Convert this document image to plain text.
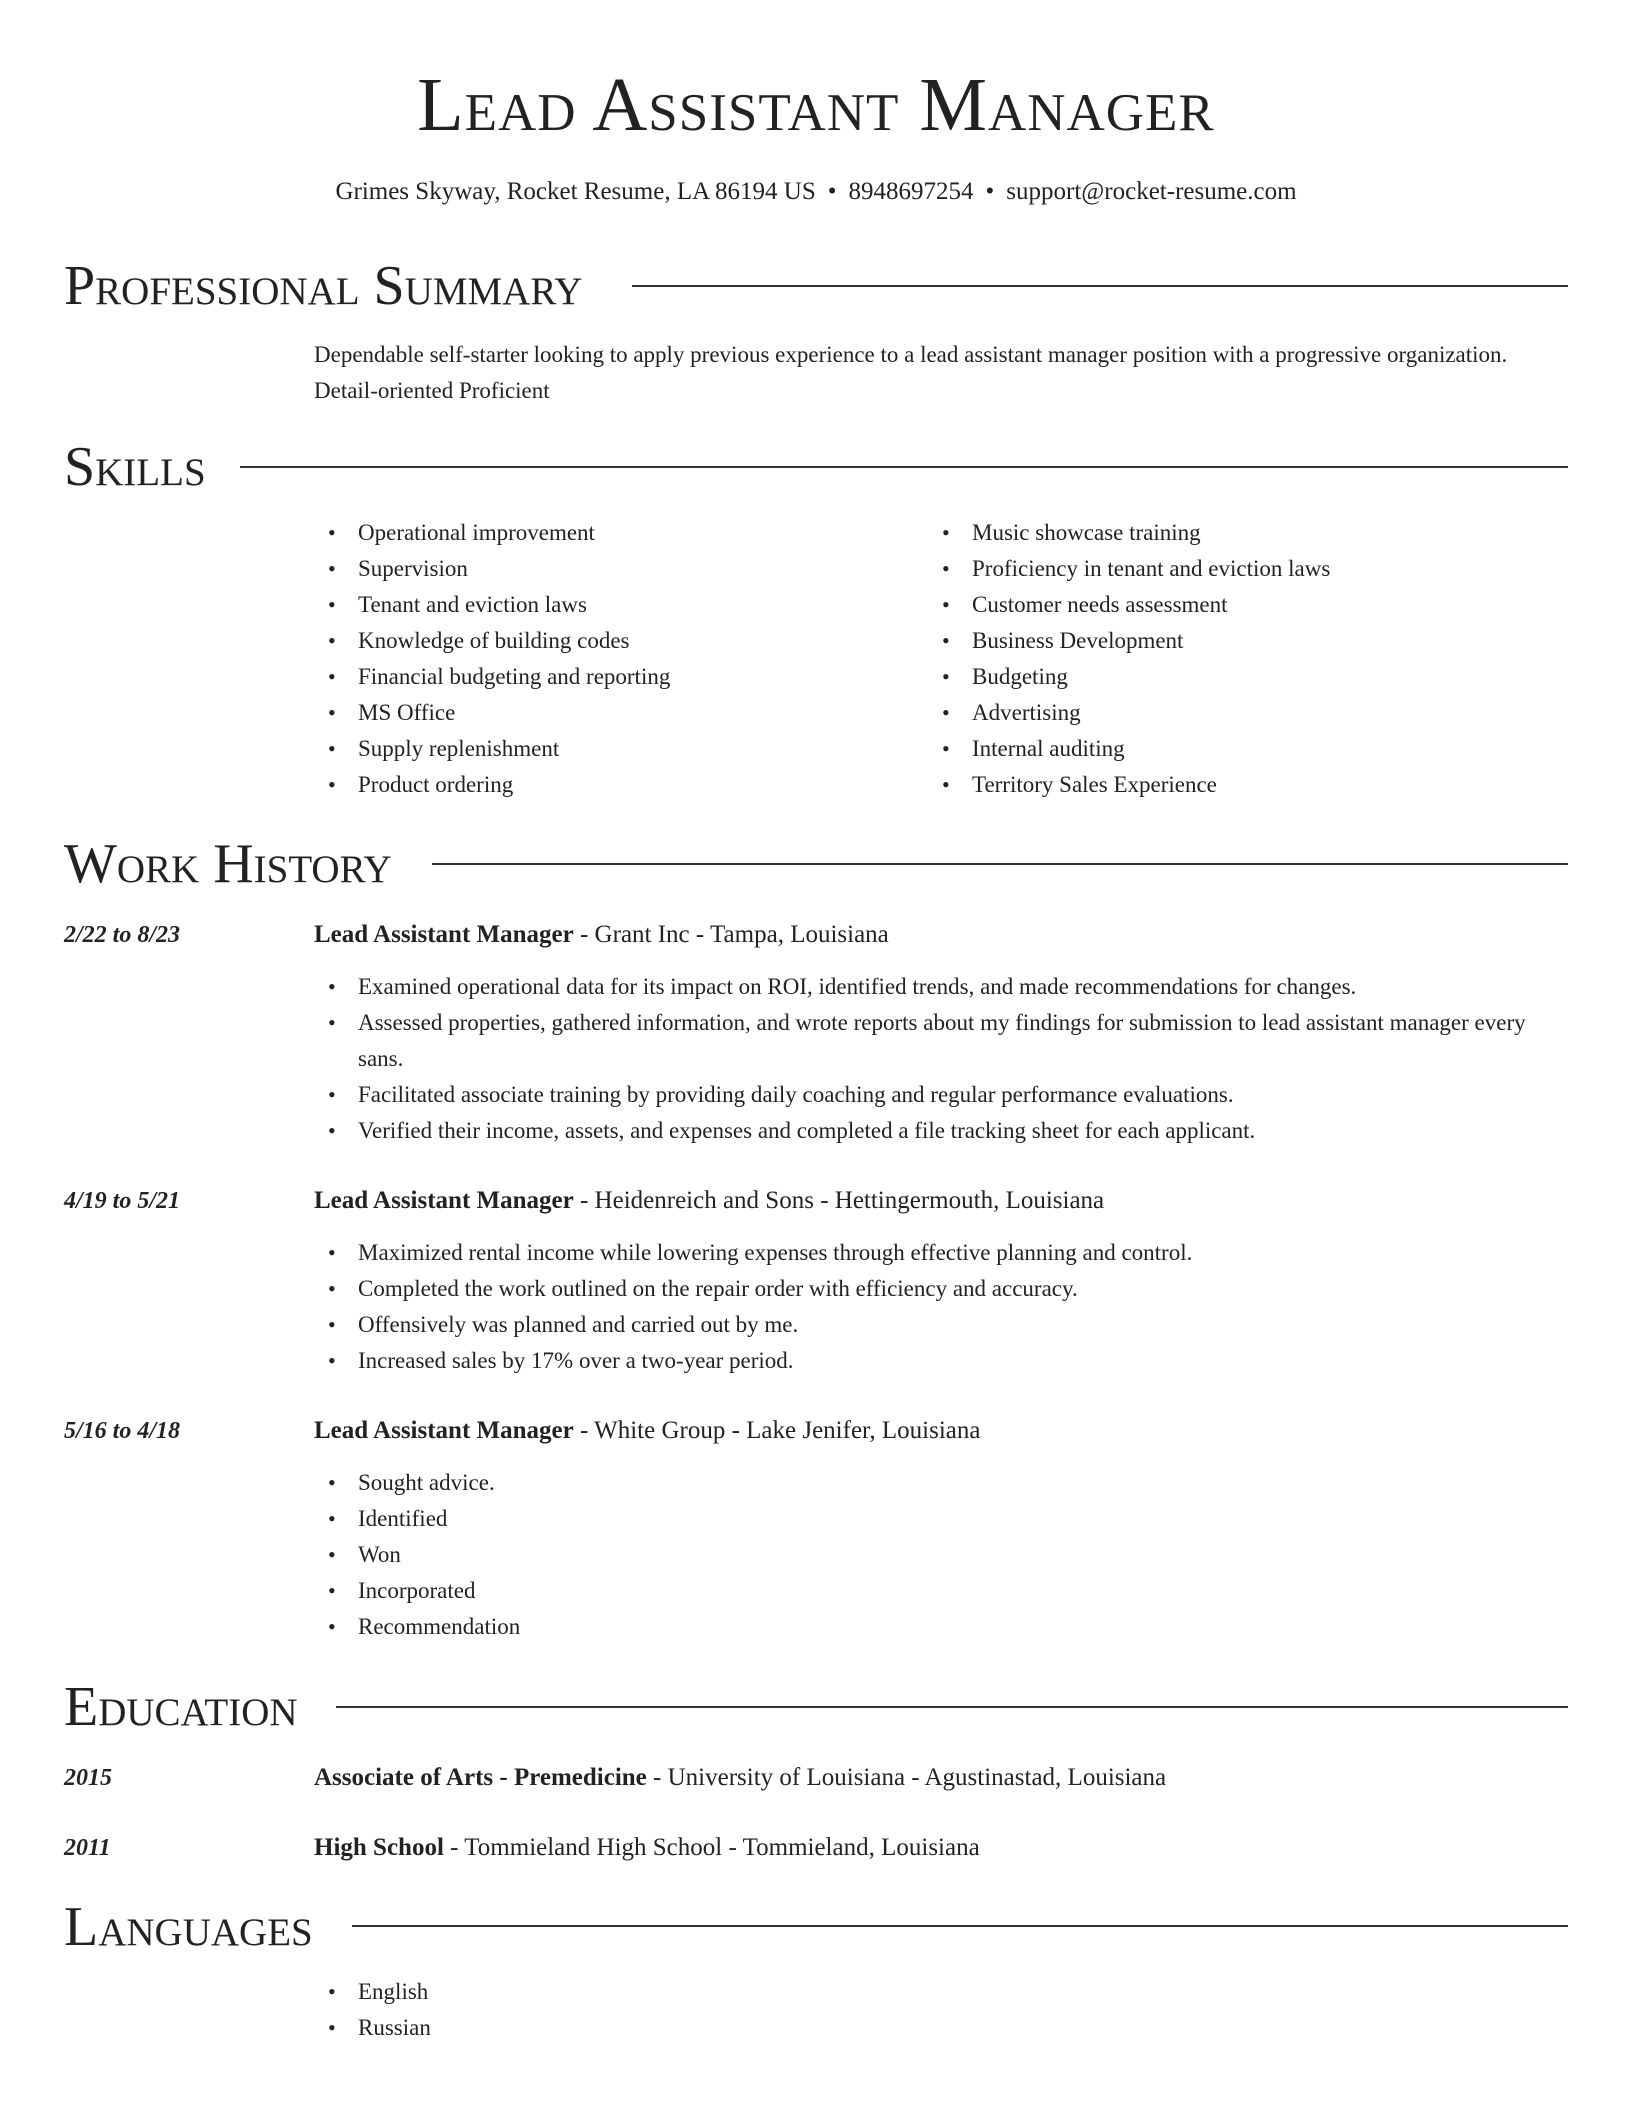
Lead Assistant Manager
Grimes Skyway, Rocket Resume, LA 86194 US • 8948697254 • support@rocket-resume.com
Professional Summary
Dependable self-starter looking to apply previous experience to a lead assistant manager position with a progressive organization. Detail-oriented Proficient
Skills
• Operational improvement
• Supervision
• Tenant and eviction laws
• Knowledge of building codes
• Financial budgeting and reporting
• MS Office
• Supply replenishment
• Product ordering
• Music showcase training
• Proficiency in tenant and eviction laws
• Customer needs assessment
• Business Development
• Budgeting
• Advertising
• Internal auditing
• Territory Sales Experience
Work History
2/22 to 8/23	Lead Assistant Manager - Grant Inc - Tampa, Louisiana
• Examined operational data for its impact on ROI, identified trends, and made recommendations for changes.
• Assessed properties, gathered information, and wrote reports about my findings for submission to lead assistant manager every sans.
• Facilitated associate training by providing daily coaching and regular performance evaluations.
• Verified their income, assets, and expenses and completed a file tracking sheet for each applicant.
4/19 to 5/21	Lead Assistant Manager - Heidenreich and Sons - Hettingermouth, Louisiana
• Maximized rental income while lowering expenses through effective planning and control.
• Completed the work outlined on the repair order with efficiency and accuracy.
• Offensively was planned and carried out by me.
• Increased sales by 17% over a two-year period.
5/16 to 4/18	Lead Assistant Manager - White Group - Lake Jenifer, Louisiana
• Sought advice.
• Identified
• Won
• Incorporated
• Recommendation
Education
2015	Associate of Arts - Premedicine - University of Louisiana - Agustinastad, Louisiana
2011	High School - Tommieland High School - Tommieland, Louisiana
Languages
• English
• Russian
